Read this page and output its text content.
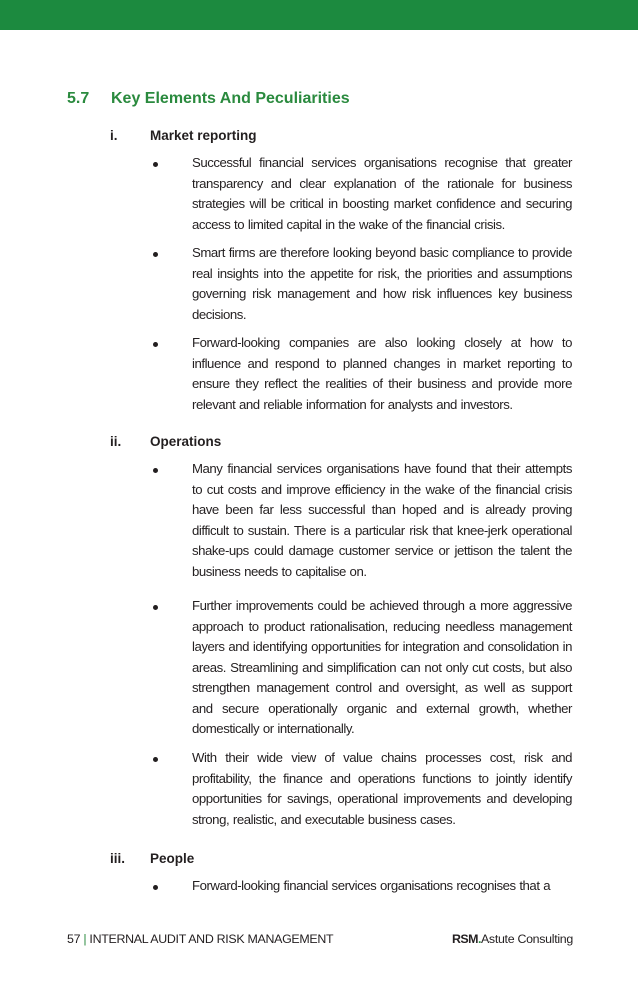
5.7 Key Elements And Peculiarities
i. Market reporting
Successful financial services organisations recognise that greater transparency and clear explanation of the rationale for business strategies will be critical in boosting market confidence and securing access to limited capital in the wake of the financial crisis.
Smart firms are therefore looking beyond basic compliance to provide real insights into the appetite for risk, the priorities and assumptions governing risk management and how risk influences key business decisions.
Forward-looking companies are also looking closely at how to influence and respond to planned changes in market reporting to ensure they reflect the realities of their business and provide more relevant and reliable information for analysts and investors.
ii. Operations
Many financial services organisations have found that their attempts to cut costs and improve efficiency in the wake of the financial crisis have been far less successful than hoped and is already proving difficult to sustain. There is a particular risk that knee-jerk operational shake-ups could damage customer service or jettison the talent the business needs to capitalise on.
Further improvements could be achieved through a more aggressive approach to product rationalisation, reducing needless management layers and identifying opportunities for integration and consolidation in areas. Streamlining and simplification can not only cut costs, but also strengthen management control and oversight, as well as support and secure operationally organic and external growth, whether domestically or internationally.
With their wide view of value chains processes cost, risk and profitability, the finance and operations functions to jointly identify opportunities for savings, operational improvements and developing strong, realistic, and executable business cases.
iii. People
Forward-looking financial services organisations recognises that a
57 | INTERNAL AUDIT AND RISK MANAGEMENT	RSM.Astute Consulting
